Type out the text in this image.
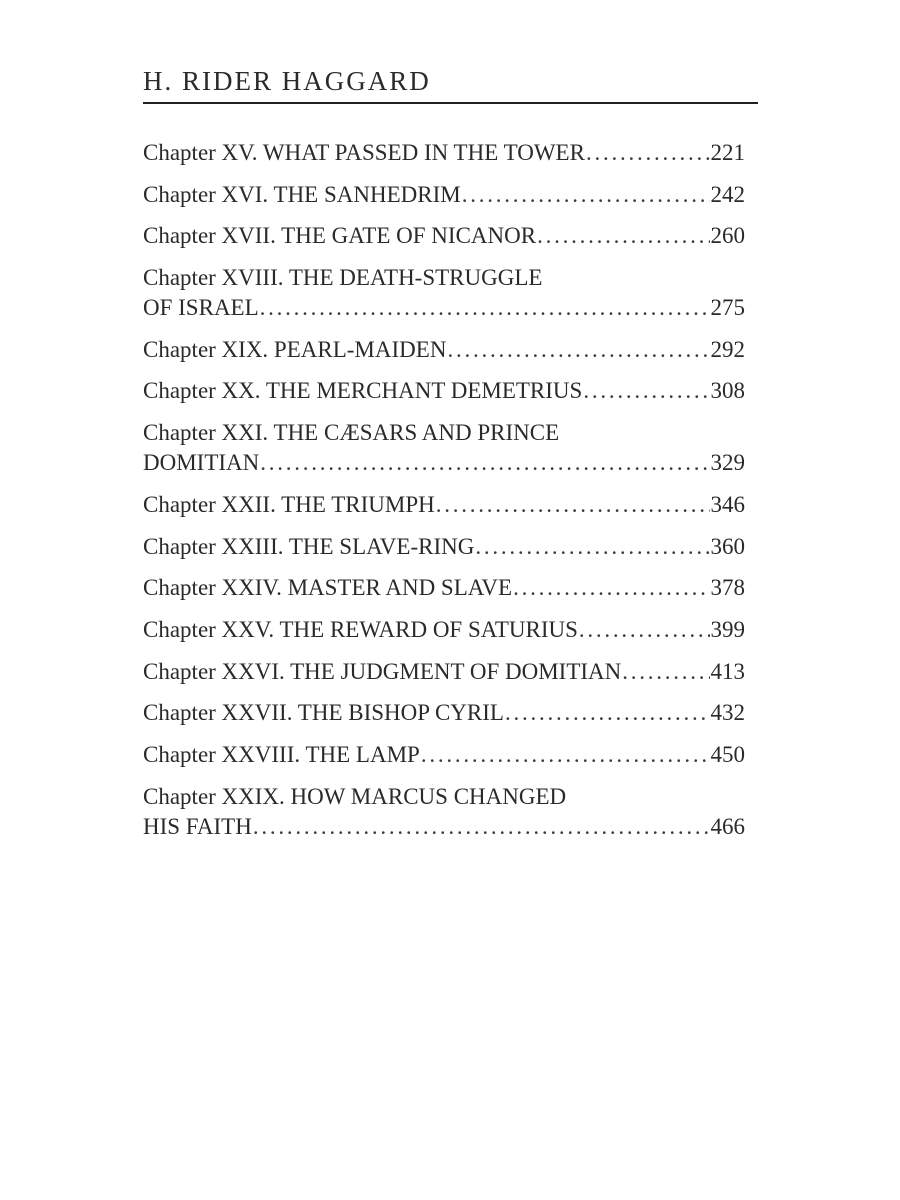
H. RIDER HAGGARD
Chapter XV. WHAT PASSED IN THE TOWER . . .	221
Chapter XVI. THE SANHEDRIM . . .	242
Chapter XVII. THE GATE OF NICANOR . . .	260
Chapter XVIII. THE DEATH-STRUGGLE
OF ISRAEL . . .	275
Chapter XIX. PEARL-MAIDEN . . .	292
Chapter XX. THE MERCHANT DEMETRIUS . . .	308
Chapter XXI. THE CÆSARS AND PRINCE
DOMITIAN . . .	329
Chapter XXII. THE TRIUMPH . . .	346
Chapter XXIII. THE SLAVE-RING . . .	360
Chapter XXIV. MASTER AND SLAVE . . .	378
Chapter XXV. THE REWARD OF SATURIUS . . .	399
Chapter XXVI. THE JUDGMENT OF DOMITIAN . . .	413
Chapter XXVII. THE BISHOP CYRIL . . .	432
Chapter XXVIII. THE LAMP . . .	450
Chapter XXIX. HOW MARCUS CHANGED
HIS FAITH . . .	466
